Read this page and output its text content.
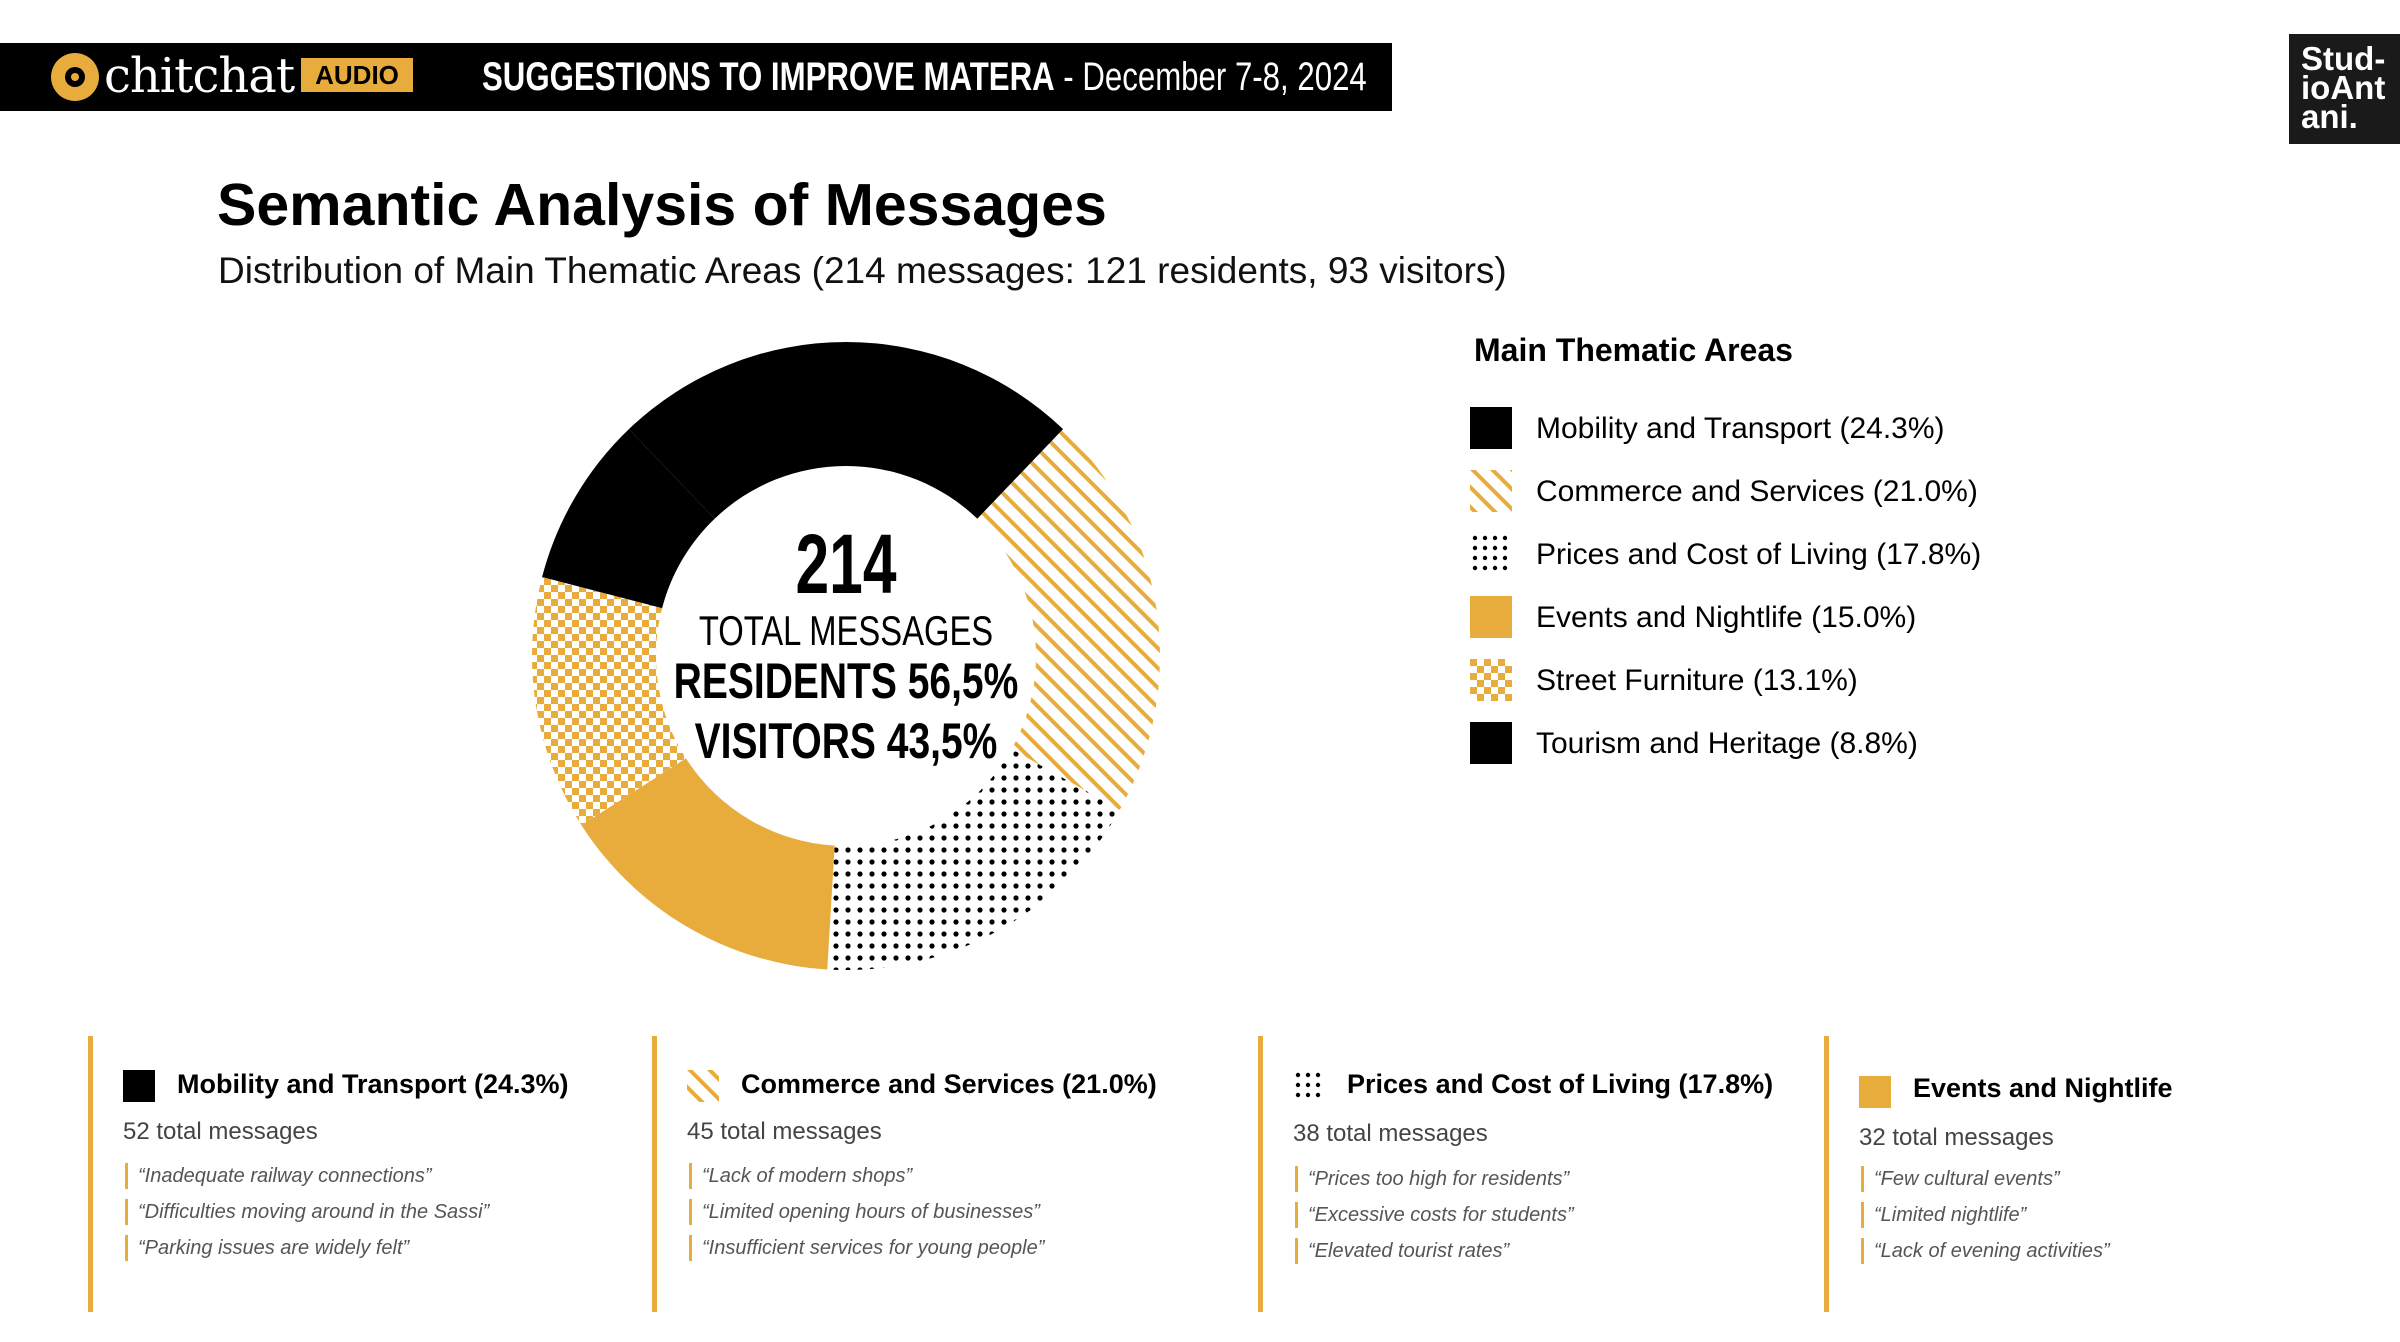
chitchat AUDIO	SUGGESTIONS TO IMPROVE MATERA - December 7-8, 2024	Stud-
ioAnt
ani.
Semantic Analysis of Messages
Distribution of Main Thematic Areas (214 messages: 121 residents, 93 visitors)
214
TOTAL MESSAGES
RESIDENTS 56,5%
VISITORS 43,5%
Main Thematic Areas
Mobility and Transport (24.3%)
Commerce and Services (21.0%)
Prices and Cost of Living (17.8%)
Events and Nightlife (15.0%)
Street Furniture (13.1%)
Tourism and Heritage (8.8%)
Mobility and Transport (24.3%)
52 total messages
“Inadequate railway connections”
“Difficulties moving around in the Sassi”
“Parking issues are widely felt”
Commerce and Services (21.0%)
45 total messages
“Lack of modern shops”
“Limited opening hours of businesses”
“Insufficient services for young people”
Prices and Cost of Living (17.8%)
38 total messages
“Prices too high for residents”
“Excessive costs for students”
“Elevated tourist rates”
Events and Nightlife
32 total messages
“Few cultural events”
“Limited nightlife”
“Lack of evening activities”
